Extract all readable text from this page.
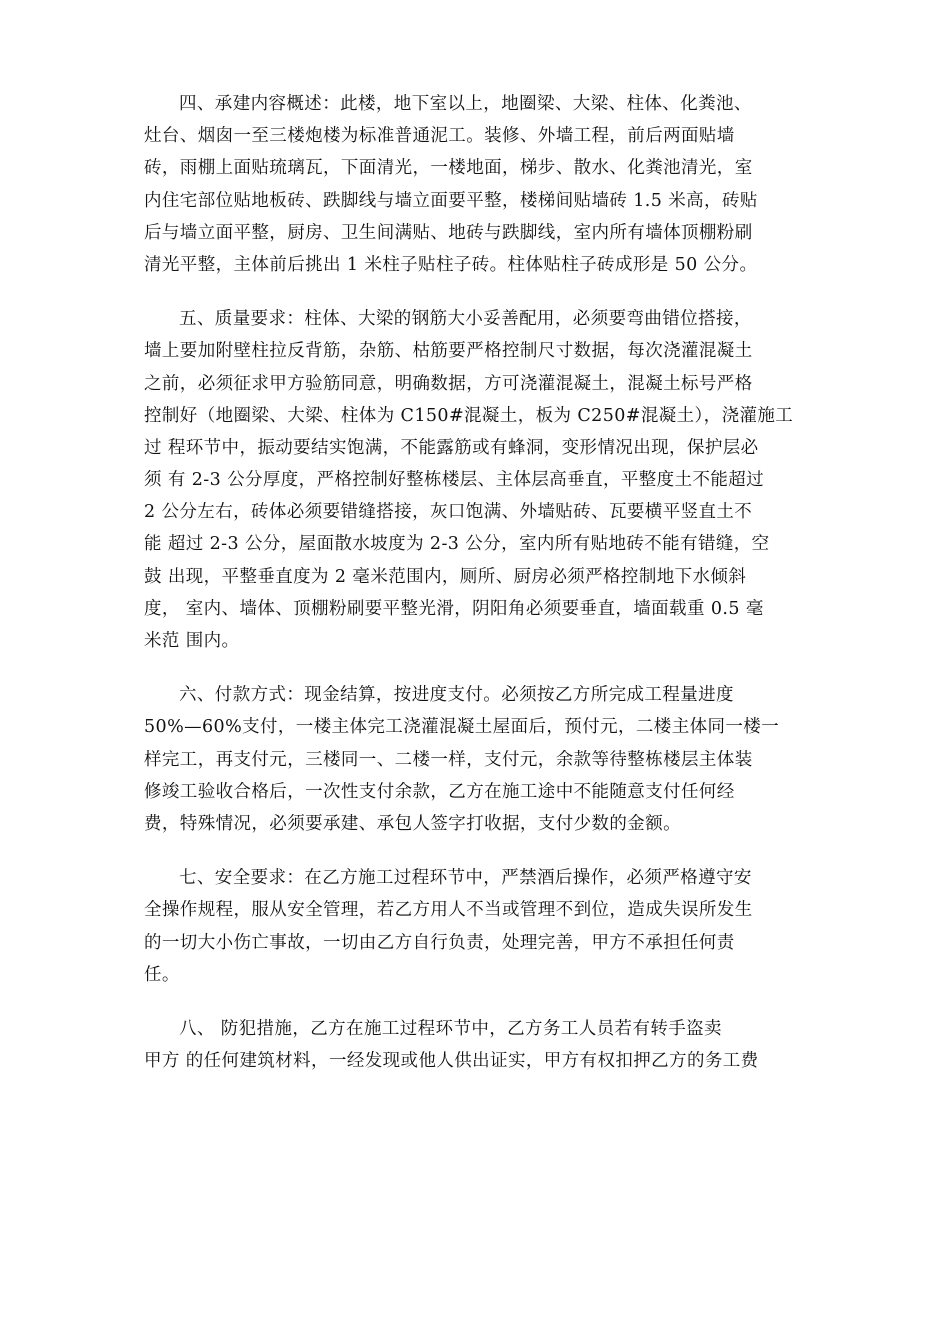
四、承建内容概述：此楼，地下室以上，地圈梁、大梁、柱体、化粪池、
灶台、烟囱一至三楼炮楼为标准普通泥工。装修、外墙工程，前后两面贴墙
砖，雨棚上面贴琉璃瓦，下面清光，一楼地面，梯步、散水、化粪池清光，室
内住宅部位贴地板砖、跌脚线与墙立面要平整，楼梯间贴墙砖 1.5 米高，砖贴
后与墙立面平整，厨房、卫生间满贴、地砖与跌脚线，室内所有墙体顶棚粉刷
清光平整，主体前后挑出 1 米柱子贴柱子砖。柱体贴柱子砖成形是 50 公分。
五、质量要求：柱体、大梁的钢筋大小妥善配用，必须要弯曲错位搭接，
墙上要加附壁柱拉反背筋，杂筋、枯筋要严格控制尺寸数据，每次浇灌混凝土
之前，必须征求甲方验筋同意，明确数据，方可浇灌混凝土，混凝土标号严格
控制好（地圈梁、大梁、柱体为 C150#混凝土，板为 C250#混凝土），浇灌施工
过 程环节中，振动要结实饱满，不能露筋或有蜂洞，变形情况出现，保护层必
须 有 2-3 公分厚度，严格控制好整栋楼层、主体层高垂直，平整度土不能超过
2 公分左右，砖体必须要错缝搭接，灰口饱满、外墙贴砖、瓦要横平竖直土不
能 超过 2-3 公分，屋面散水坡度为 2-3 公分，室内所有贴地砖不能有错缝，空
鼓 出现，平整垂直度为 2 毫米范围内，厕所、厨房必须严格控制地下水倾斜
度， 室内、墙体、顶棚粉刷要平整光滑，阴阳角必须要垂直，墙面载重 0.5 毫
米范 围内。
六、付款方式：现金结算，按进度支付。必须按乙方所完成工程量进度
50%—60%支付，一楼主体完工浇灌混凝土屋面后，预付元，二楼主体同一楼一
样完工，再支付元，三楼同一、二楼一样，支付元，余款等待整栋楼层主体装
修竣工验收合格后，一次性支付余款，乙方在施工途中不能随意支付任何经
费，特殊情况，必须要承建、承包人签字打收据，支付少数的金额。
七、安全要求：在乙方施工过程环节中，严禁酒后操作，必须严格遵守安
全操作规程，服从安全管理，若乙方用人不当或管理不到位，造成失误所发生
的一切大小伤亡事故，一切由乙方自行负责，处理完善，甲方不承担任何责
任。
八、 防犯措施，乙方在施工过程环节中，乙方务工人员若有转手盗卖
甲方 的任何建筑材料，一经发现或他人供出证实，甲方有权扣押乙方的务工费
